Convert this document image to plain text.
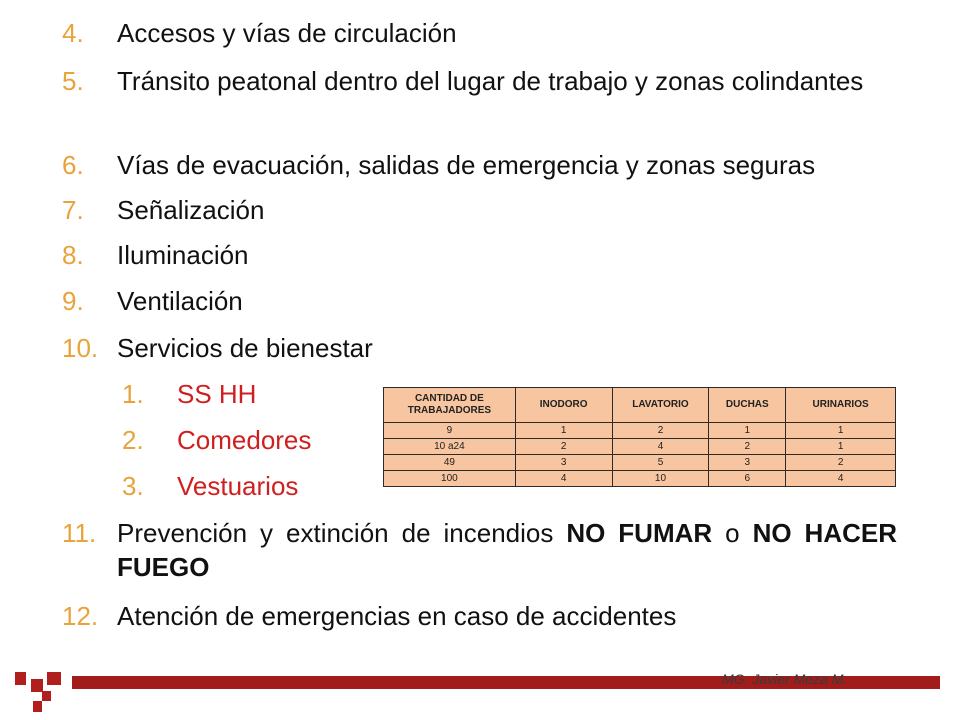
4. Accesos y vías de circulación
5. Tránsito peatonal dentro del lugar de trabajo y zonas colindantes
6. Vías de evacuación, salidas de emergencia y zonas seguras
7. Señalización
8. Iluminación
9. Ventilación
10. Servicios de bienestar
1. SS HH
2. Comedores
3. Vestuarios
11. Prevención y extinción de incendios NO FUMAR o NO HACER FUEGO
12. Atención de emergencias en caso de accidentes
CANTIDAD DE TRABAJADORES	INODORO	LAVATORIO	DUCHAS	URINARIOS
9	1	2	1	1
10 a24	2	4	2	1
49	3	5	3	2
100	4	10	6	4
MG. Javier Meza M.
